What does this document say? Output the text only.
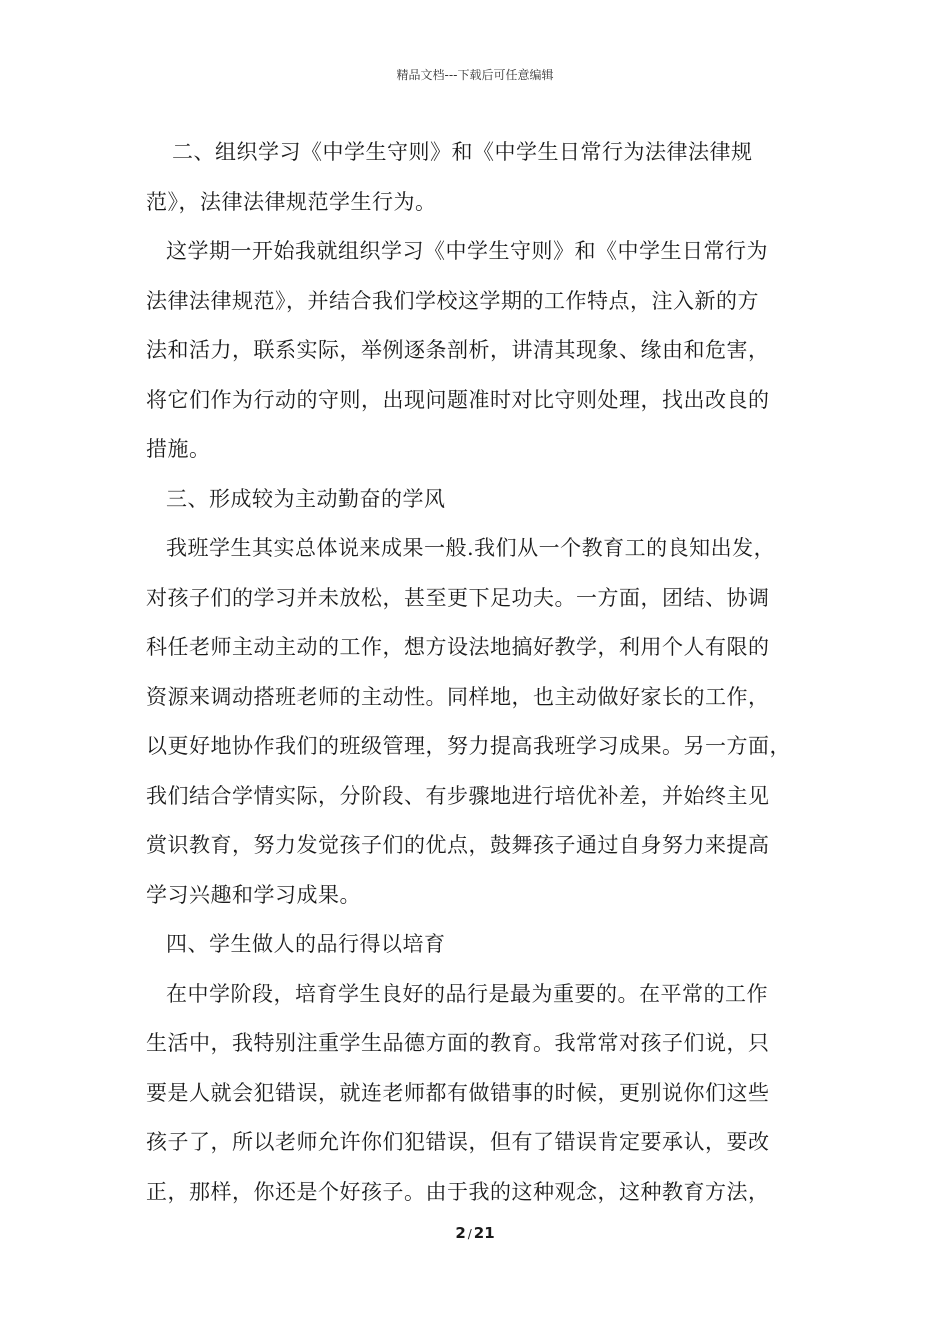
精品文档---下载后可任意编辑

二、组织学习《中学生守则》和《中学生日常行为法律法律规

范》，法律法律规范学生行为。

这学期一开始我就组织学习《中学生守则》和《中学生日常行为

法律法律规范》，并结合我们学校这学期的工作特点，注入新的方

法和活力，联系实际，举例逐条剖析，讲清其现象、缘由和危害，

将它们作为行动的守则，出现问题准时对比守则处理，找出改良的

措施。

三、形成较为主动勤奋的学风

我班学生其实总体说来成果一般.我们从一个教育工的良知出发，

对孩子们的学习并未放松，甚至更下足功夫。一方面，团结、协调

科任老师主动主动的工作，想方设法地搞好教学，利用个人有限的

资源来调动搭班老师的主动性。同样地，也主动做好家长的工作，

以更好地协作我们的班级管理，努力提高我班学习成果。另一方面，

我们结合学情实际，分阶段、有步骤地进行培优补差，并始终主见

赏识教育，努力发觉孩子们的优点，鼓舞孩子通过自身努力来提高

学习兴趣和学习成果。

四、学生做人的品行得以培育

在中学阶段，培育学生良好的品行是最为重要的。在平常的工作

生活中，我特别注重学生品德方面的教育。我常常对孩子们说，只

要是人就会犯错误，就连老师都有做错事的时候，更别说你们这些

孩子了，所以老师允许你们犯错误，但有了错误肯定要承认，要改

正，那样，你还是个好孩子。由于我的这种观念，这种教育方法，

2 / 21
